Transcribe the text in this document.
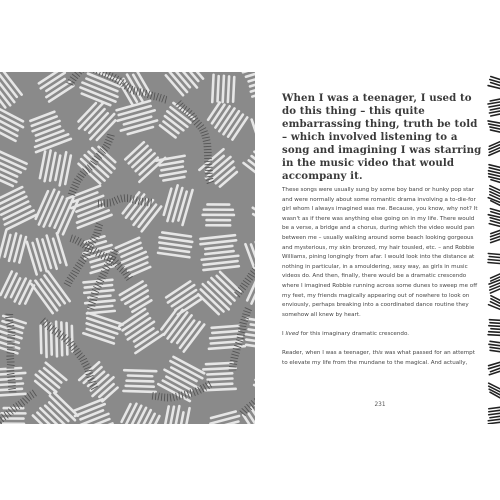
When I was a teenager, I used to do this thing – this quite embarrassing thing, truth be told – which involved listening to a song and imagining I was starring in the music video that would accompany it.

These songs were usually sung by some boy band or hunky pop star and were normally about some romantic drama involving a to-die-for girl whom I always imagined was me. Because, you know, why not? It wasn't as if there was anything else going on in my life. There would be a verse, a bridge and a chorus, during which the video would pan between me – usually walking around some beach looking gorgeous and mysterious, my skin bronzed, my hair tousled, etc. – and Robbie Williams, pining longingly from afar. I would look into the distance at nothing in particular, in a smouldering, sexy way, as girls in music videos do. And then, finally, there would be a dramatic crescendo where I imagined Robbie running across some dunes to sweep me off my feet, my friends magically appearing out of nowhere to look on enviously, perhaps breaking into a coordinated dance routine they somehow all knew by heart.

I lived for this imaginary dramatic crescendo.

Reader, when I was a teenager, this was what passed for an attempt to elevate my life from the mundane to the magical. And actually,

231
